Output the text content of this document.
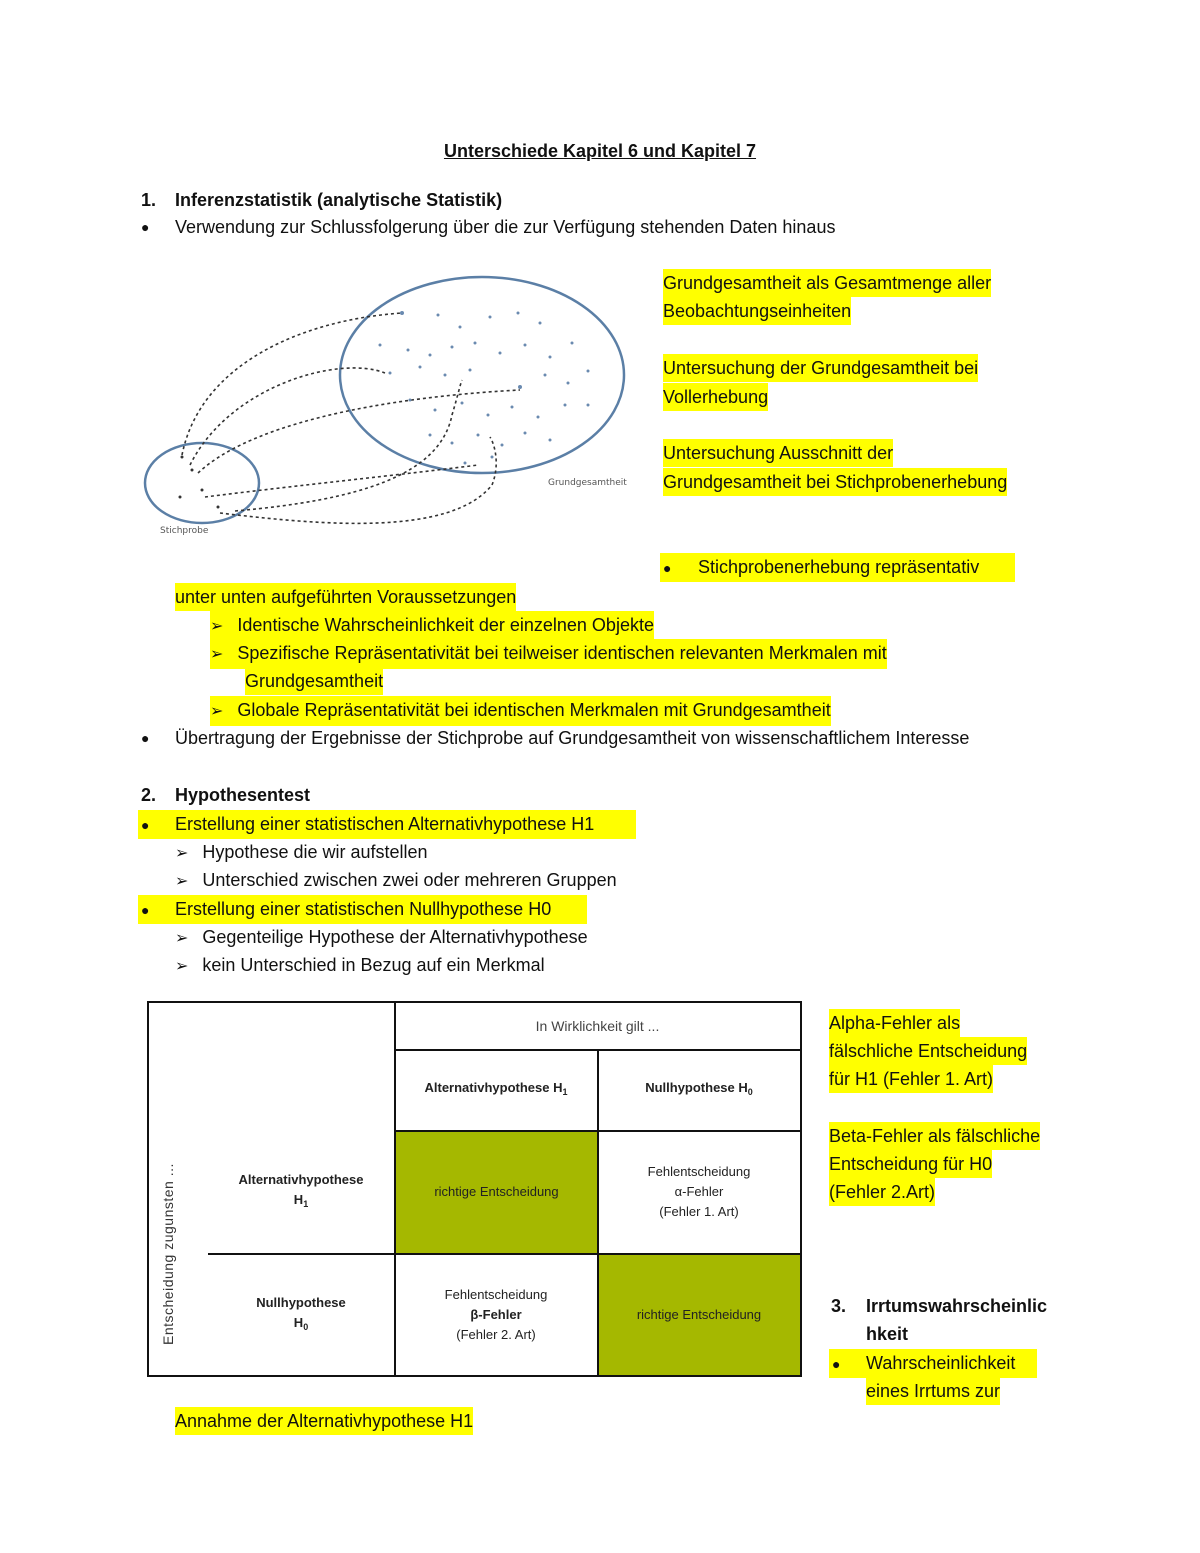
Unterschiede Kapitel 6 und Kapitel 7
1. Inferenzstatistik (analytische Statistik)
● Verwendung zur Schlussfolgerung über die zur Verfügung stehenden Daten hinaus
Grundgesamtheit
Stichprobe
Grundgesamtheit als Gesamtmenge aller
Beobachtungseinheiten
Untersuchung der Grundgesamtheit bei
Vollerhebung
Untersuchung Ausschnitt der
Grundgesamtheit bei Stichprobenerhebung
● Stichprobenerhebung repräsentativ
unter unten aufgeführten Voraussetzungen
➢ Identische Wahrscheinlichkeit der einzelnen Objekte
➢ Spezifische Repräsentativität bei teilweiser identischen relevanten Merkmalen mit
Grundgesamtheit
➢ Globale Repräsentativität bei identischen Merkmalen mit Grundgesamtheit
● Übertragung der Ergebnisse der Stichprobe auf Grundgesamtheit von wissenschaftlichem Interesse
2. Hypothesentest
● Erstellung einer statistischen Alternativhypothese H1
➢ Hypothese die wir aufstellen
➢ Unterschied zwischen zwei oder mehreren Gruppen
● Erstellung einer statistischen Nullhypothese H0
➢ Gegenteilige Hypothese der Alternativhypothese
➢ kein Unterschied in Bezug auf ein Merkmal
richtige Entscheidung
richtige Entscheidung
In Wirklichkeit gilt ...
Alternativhypothese $H_1$	Nullhypothese $H_0$
Alternativhypothese
$H_1$
Nullhypothese
$H_0$
Fehlentscheidung
α-Fehler
(Fehler 1. Art)
Fehlentscheidung
β-Fehler
(Fehler 2. Art)
Entscheidung zugunsten ...
Alpha-Fehler als
fälschliche Entscheidung
für H1 (Fehler 1. Art)
Beta-Fehler als fälschliche
Entscheidung für H0
(Fehler 2.Art)
3. Irrtumswahrscheinlic
hkeit
● Wahrscheinlichkeit
eines Irrtums zur
Annahme der Alternativhypothese H1
